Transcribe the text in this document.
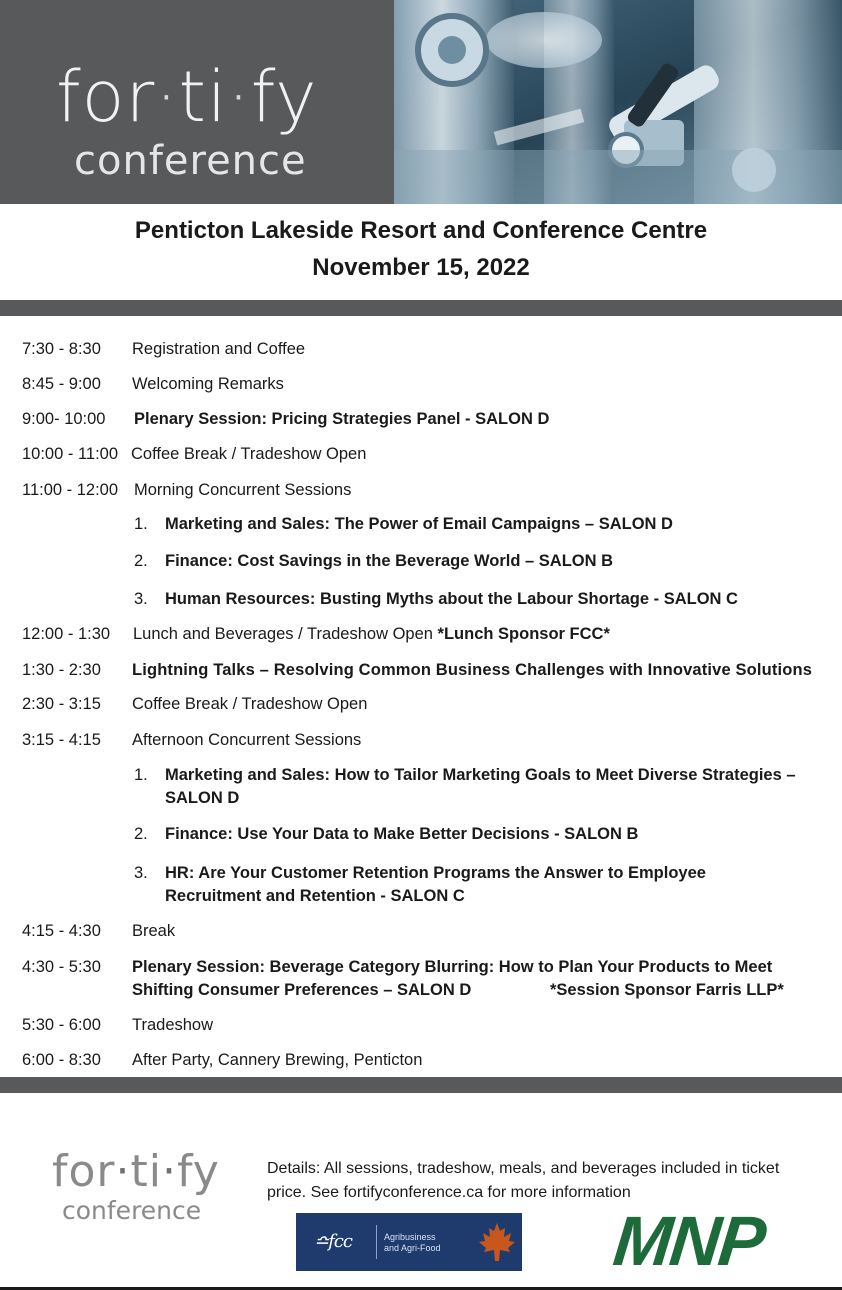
for·ti·fy
conference
Penticton Lakeside Resort and Conference Centre
November 15, 2022
7:30 - 8:30 Registration and Coffee
8:45 - 9:00 Welcoming Remarks
9:00- 10:00 Plenary Session: Pricing Strategies Panel - SALON D
10:00 - 11:00 Coffee Break / Tradeshow Open
11:00 - 12:00 Morning Concurrent Sessions
1. Marketing and Sales: The Power of Email Campaigns – SALON D
2. Finance: Cost Savings in the Beverage World – SALON B
3. Human Resources: Busting Myths about the Labour Shortage - SALON C
12:00 - 1:30 Lunch and Beverages / Tradeshow Open *Lunch Sponsor FCC*
1:30 - 2:30 Lightning Talks – Resolving Common Business Challenges with Innovative Solutions
2:30 - 3:15 Coffee Break / Tradeshow Open
3:15 - 4:15 Afternoon Concurrent Sessions
1. Marketing and Sales: How to Tailor Marketing Goals to Meet Diverse Strategies –
SALON D
2. Finance: Use Your Data to Make Better Decisions - SALON B
3. HR: Are Your Customer Retention Programs the Answer to Employee
Recruitment and Retention - SALON C
4:15 - 4:30 Break
4:30 - 5:30 Plenary Session: Beverage Category Blurring: How to Plan Your Products to Meet
Shifting Consumer Preferences – SALON D	*Session Sponsor Farris LLP*
5:30 - 6:00 Tradeshow
6:00 - 8:30 After Party, Cannery Brewing, Penticton
for·ti·fy
conference
Details: All sessions, tradeshow, meals, and beverages included in ticket
price. See fortifyconference.ca for more information
≏fcc	Agribusiness
and Agri-Food MNP
